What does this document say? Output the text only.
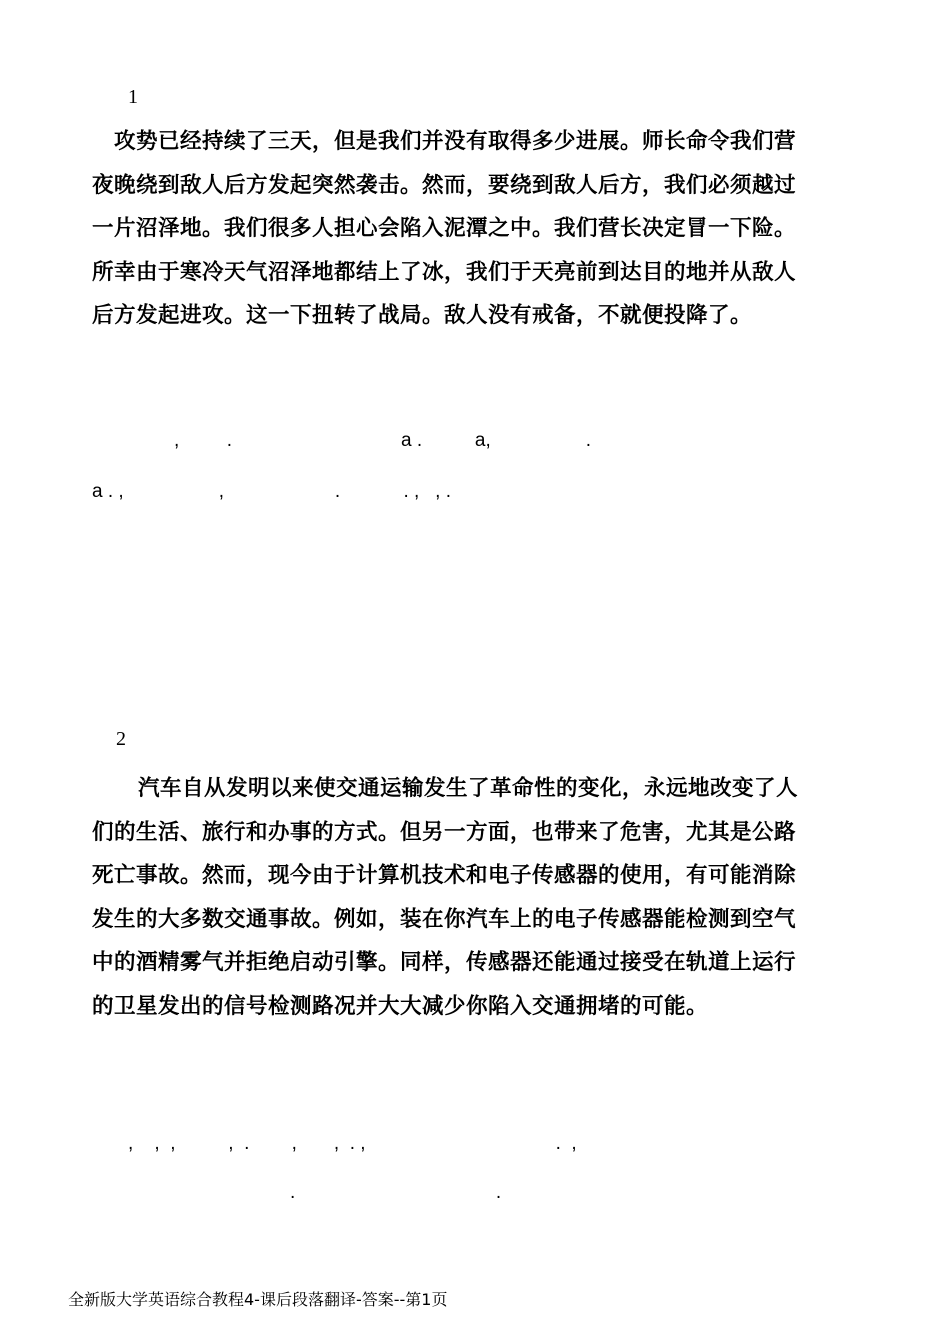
1

攻势已经持续了三天，但是我们并没有取得多少进展。师长命令我们营

夜晚绕到敌人后方发起突然袭击。然而，要绕到敌人后方，我们必须越过

一片沼泽地。我们很多人担心会陷入泥潭之中。我们营长决定冒一下险。

所幸由于寒冷天气沼泽地都结上了冰，我们于天亮前到达目的地并从敌人

后方发起进攻。这一下扭转了战局。敌人没有戒备，不就便投降了。

,         .                                a .          a,                  .
a . ,                  ,                     .            . ,   , .
2

汽车自从发明以来使交通运输发生了革命性的变化，永远地改变了人

们的生活、旅行和办事的方式。但另一方面，也带来了危害，尤其是公路

死亡事故。然而，现今由于计算机技术和电子传感器的使用，有可能消除

发生的大多数交通事故。例如，装在你汽车上的电子传感器能检测到空气

中的酒精雾气并拒绝启动引擎。同样，传感器还能通过接受在轨道上运行

的卫星发出的信号检测路况并大大减少你陷入交通拥堵的可能。

,    ,  ,          ,  .        ,       ,  . ,                                    .  ,
.                                      .
全新版大学英语综合教程4-课后段落翻译-答案--第1页
